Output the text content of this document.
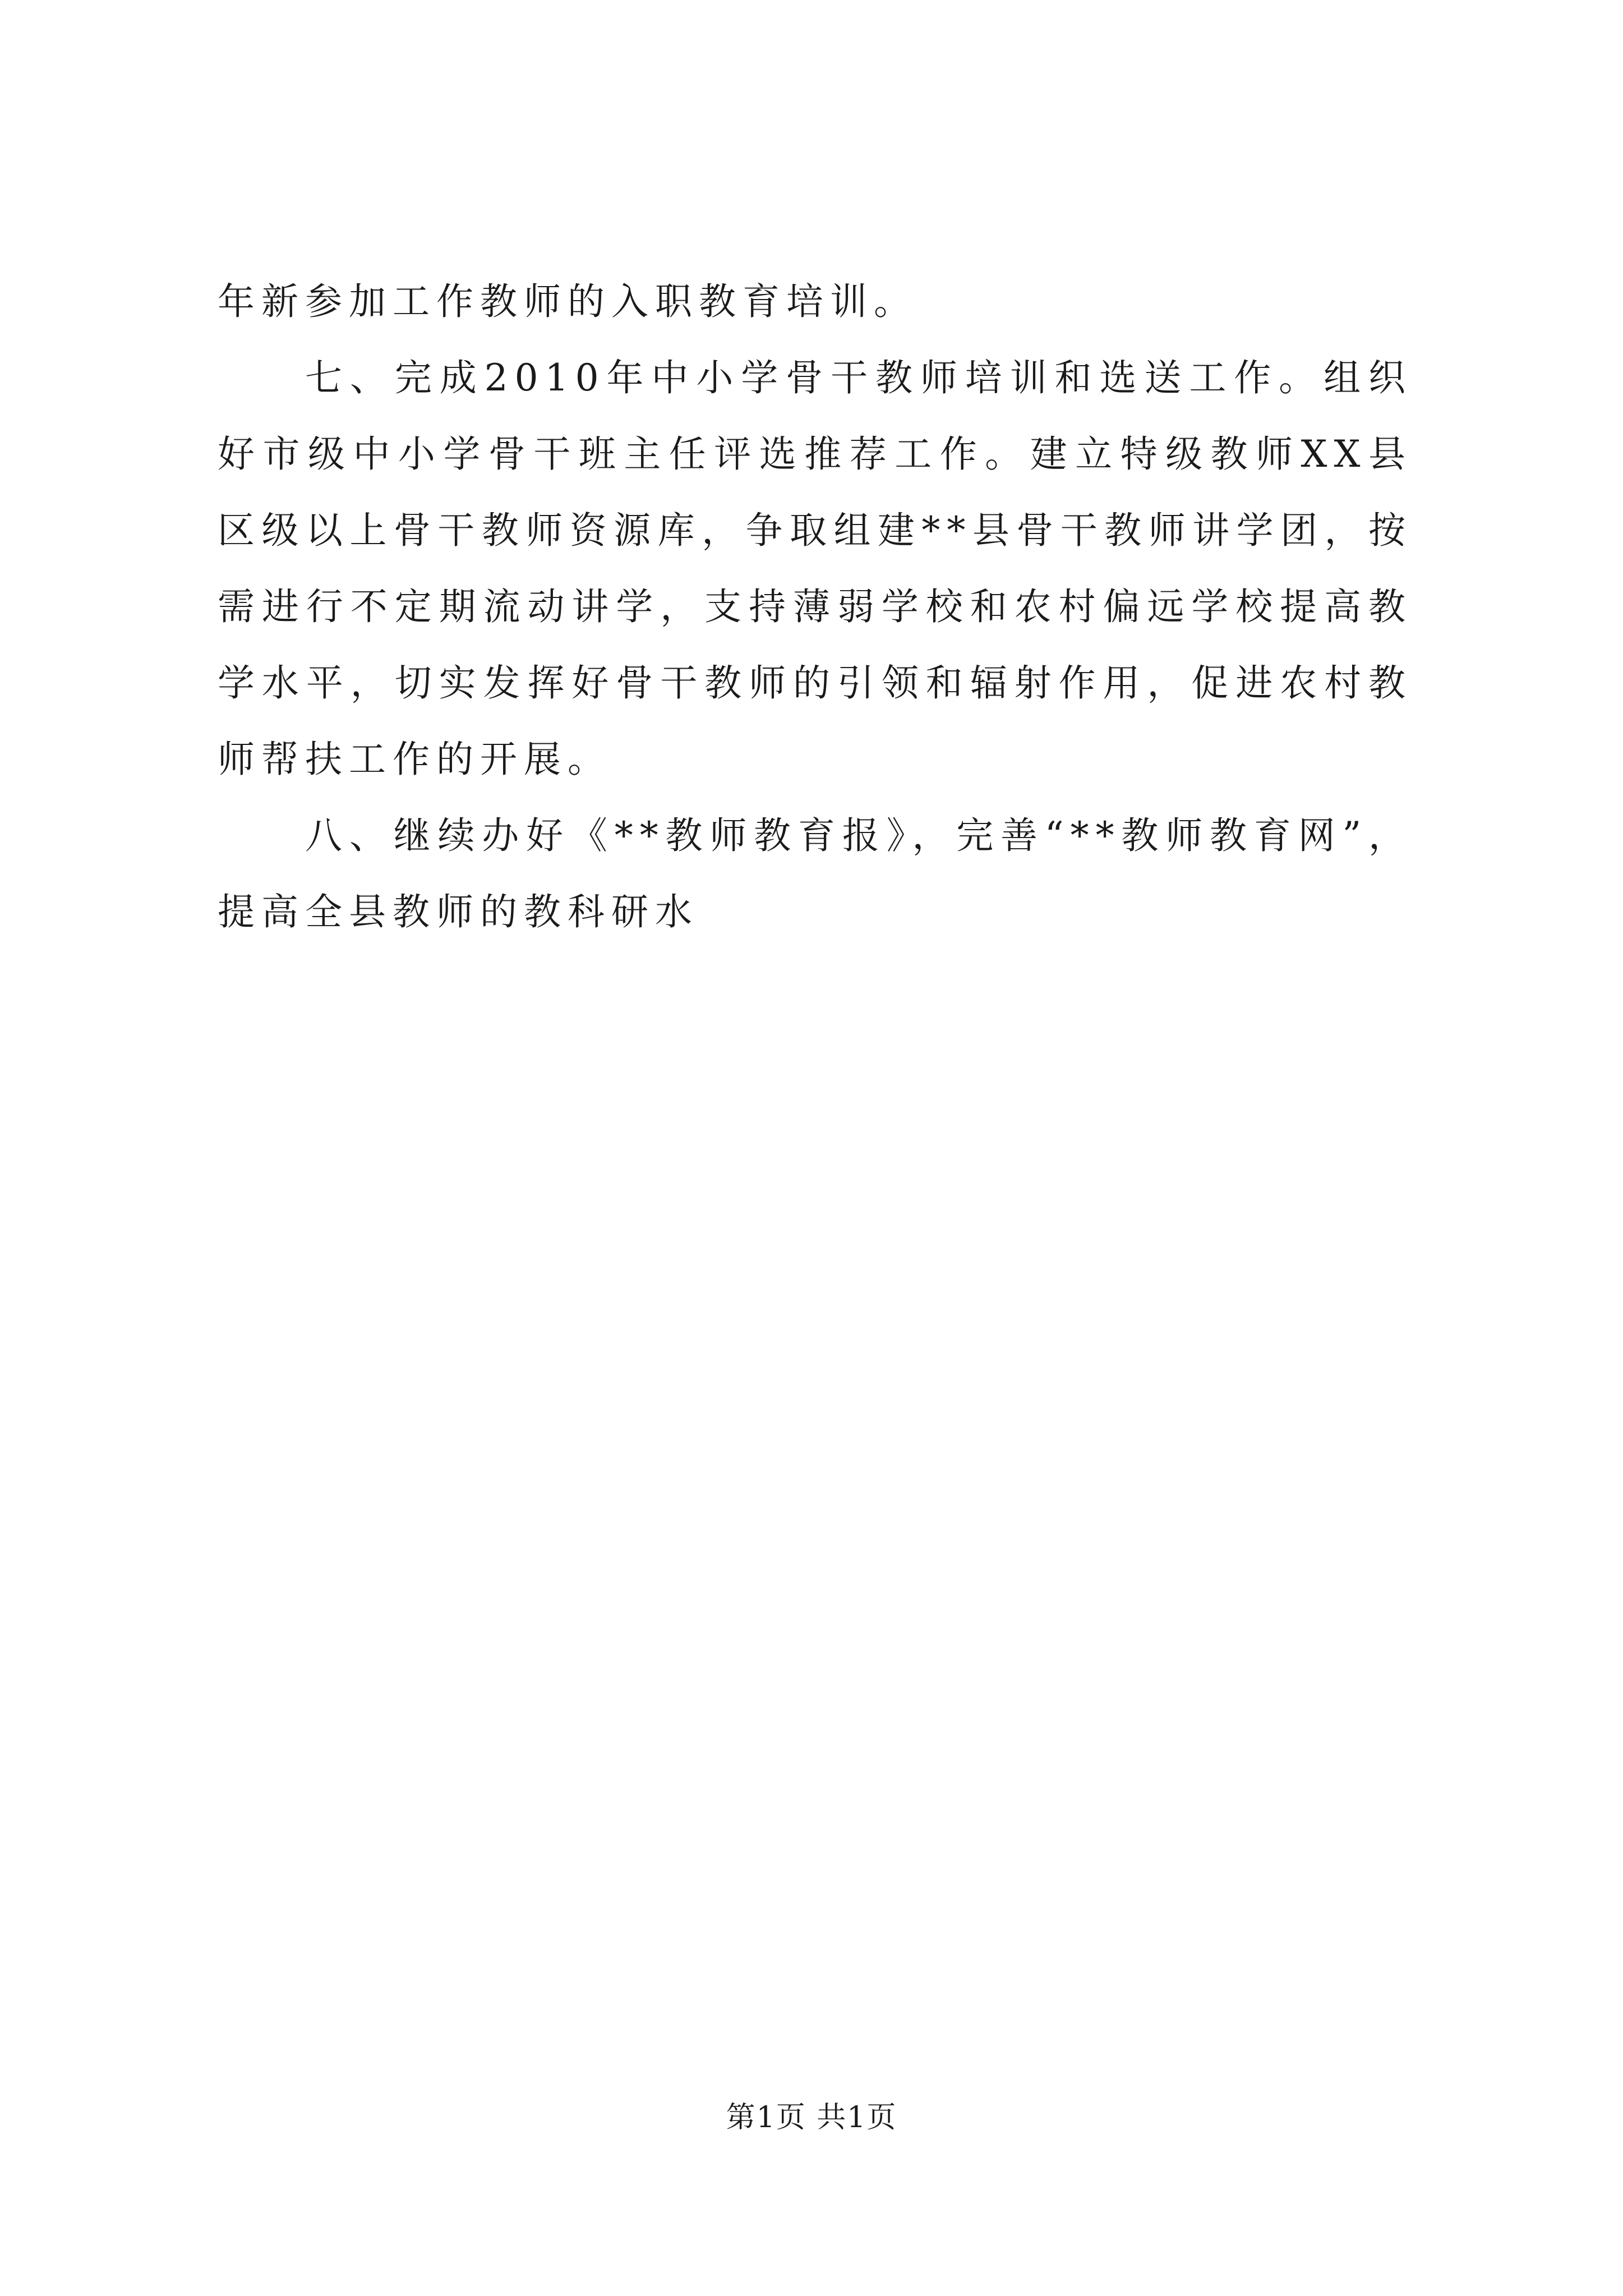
年新参加工作教师的入职教育培训。

七、完成2010年中小学骨干教师培训和选送工作。组织好市级中小学骨干班主任评选推荐工作。建立特级教师XX县区级以上骨干教师资源库，争取组建**县骨干教师讲学团，按需进行不定期流动讲学，支持薄弱学校和农村偏远学校提高教学水平，切实发挥好骨干教师的引领和辐射作用，促进农村教师帮扶工作的开展。

八、继续办好《**教师教育报》，完善“**教师教育网”，提高全县教师的教科研水

第1页 共1页
